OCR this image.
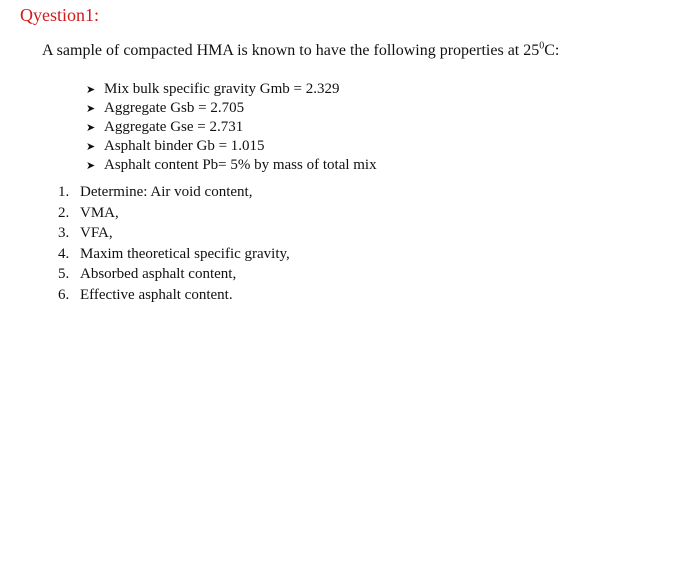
Qyestion1:

A sample of compacted HMA is known to have the following properties at $25^0C$:

➤ Mix bulk specific gravity Gmb = 2.329
➤ Aggregate Gsb = 2.705
➤ Aggregate Gse = 2.731
➤ Asphalt binder Gb = 1.015
➤ Asphalt content Pb= 5% by mass of total mix
1. Determine: Air void content,
2. VMA,
3. VFA,
4. Maxim theoretical specific gravity,
5. Absorbed asphalt content,
6. Effective asphalt content.
